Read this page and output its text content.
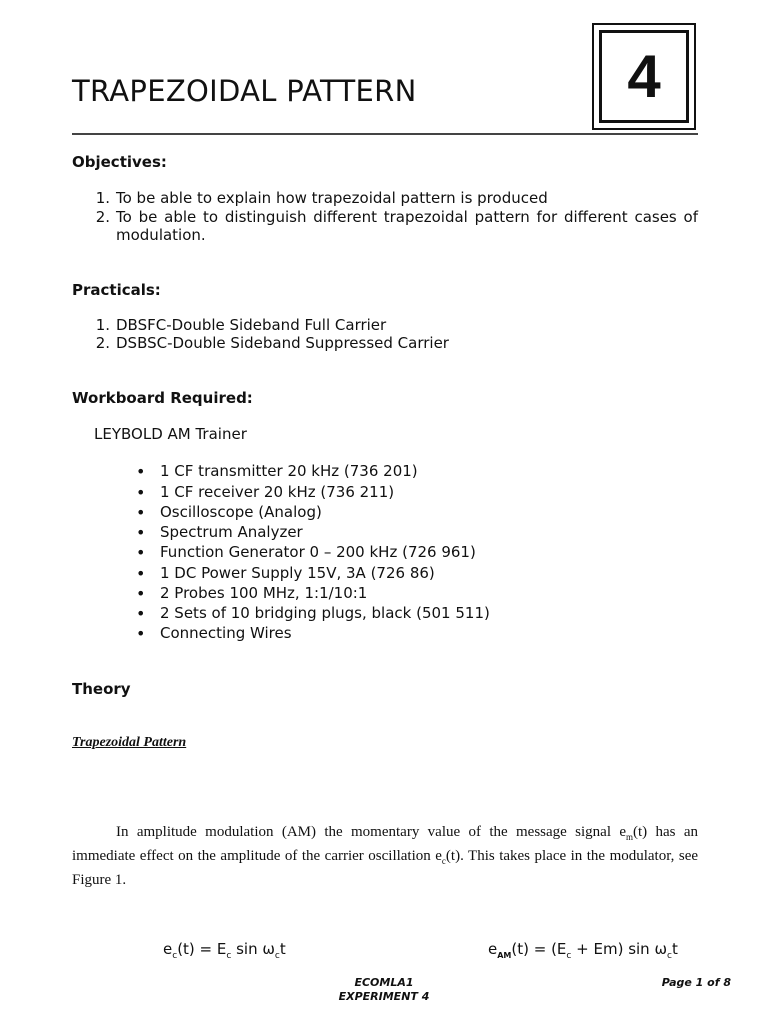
TRAPEZOIDAL PATTERN	4
Objectives:
1. To be able to explain how trapezoidal pattern is produced
2. To be able to distinguish different trapezoidal pattern for different cases of
modulation.
Practicals:
1. DBSFC-Double Sideband Full Carrier
2. DSBSC-Double Sideband Suppressed Carrier
Workboard Required:
LEYBOLD AM Trainer
• 1 CF transmitter 20 kHz (736 201)
• 1 CF receiver 20 kHz (736 211)
• Oscilloscope (Analog)
• Spectrum Analyzer
• Function Generator 0 – 200 kHz (726 961)
• 1 DC Power Supply 15V, 3A (726 86)
• 2 Probes 100 MHz, 1:1/10:1
• 2 Sets of 10 bridging plugs, black (501 511)
• Connecting Wires
Theory
Trapezoidal Pattern
In amplitude modulation (AM) the momentary value of the message signal $e_m(t)$ has an
immediate effect on the amplitude of the carrier oscillation $e_c(t)$. This takes place in the modulator, see
Figure 1.
$e_c(t) = E_c$ $\sin \omega_ct$	$e_{AM}(t) = (E_c + Em)$ $\sin \omega_ct$
ECOMLA1
EXPERIMENT 4
Page 1 of 8
